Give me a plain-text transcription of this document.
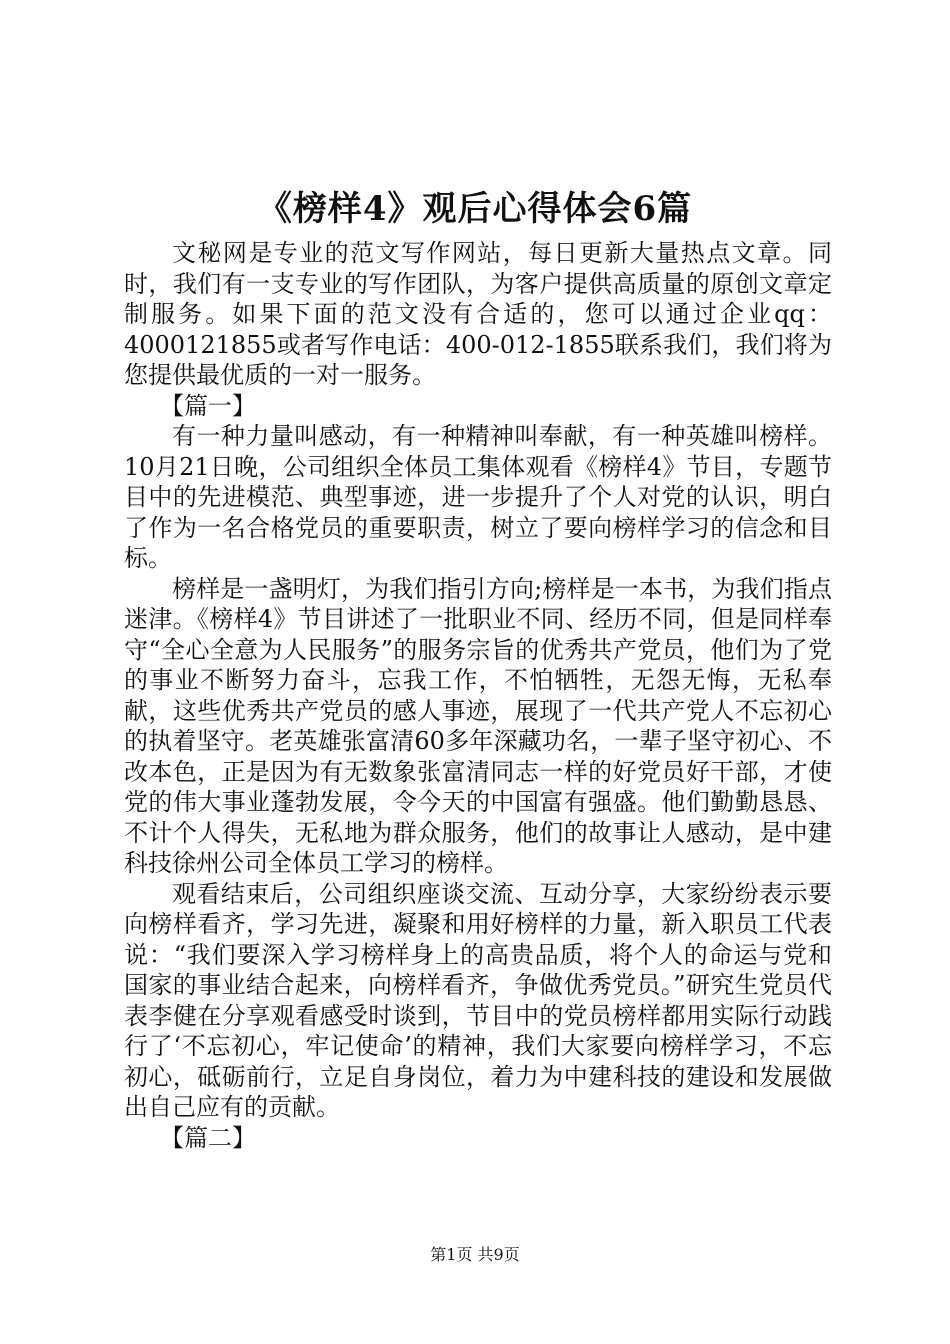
《榜样4》观后心得体会6篇

文秘网是专业的范文写作网站，每日更新大量热点文章。同时，我们有一支专业的写作团队，为客户提供高质量的原创文章定制服务。如果下面的范文没有合适的，您可以通过企业qq：4000121855或者写作电话：400-012-1855联系我们，我们将为您提供最优质的一对一服务。

【篇一】

有一种力量叫感动，有一种精神叫奉献，有一种英雄叫榜样。10月21日晚，公司组织全体员工集体观看《榜样4》节目，专题节目中的先进模范、典型事迹，进一步提升了个人对党的认识，明白了作为一名合格党员的重要职责，树立了要向榜样学习的信念和目标。

榜样是一盏明灯，为我们指引方向;榜样是一本书，为我们指点迷津。《榜样4》节目讲述了一批职业不同、经历不同，但是同样奉守“全心全意为人民服务”的服务宗旨的优秀共产党员，他们为了党的事业不断努力奋斗，忘我工作，不怕牺牲，无怨无悔，无私奉献，这些优秀共产党员的感人事迹，展现了一代共产党人不忘初心的执着坚守。老英雄张富清60多年深藏功名，一辈子坚守初心、不改本色，正是因为有无数象张富清同志一样的好党员好干部，才使党的伟大事业蓬勃发展，令今天的中国富有强盛。他们勤勤恳恳、不计个人得失，无私地为群众服务，他们的故事让人感动，是中建科技徐州公司全体员工学习的榜样。

观看结束后，公司组织座谈交流、互动分享，大家纷纷表示要向榜样看齐，学习先进，凝聚和用好榜样的力量，新入职员工代表说：“我们要深入学习榜样身上的高贵品质，将个人的命运与党和国家的事业结合起来，向榜样看齐，争做优秀党员。”研究生党员代表李健在分享观看感受时谈到，节目中的党员榜样都用实际行动践行了‘不忘初心，牢记使命’的精神，我们大家要向榜样学习，不忘初心，砥砺前行，立足自身岗位，着力为中建科技的建设和发展做出自己应有的贡献。

【篇二】

第1页 共9页
